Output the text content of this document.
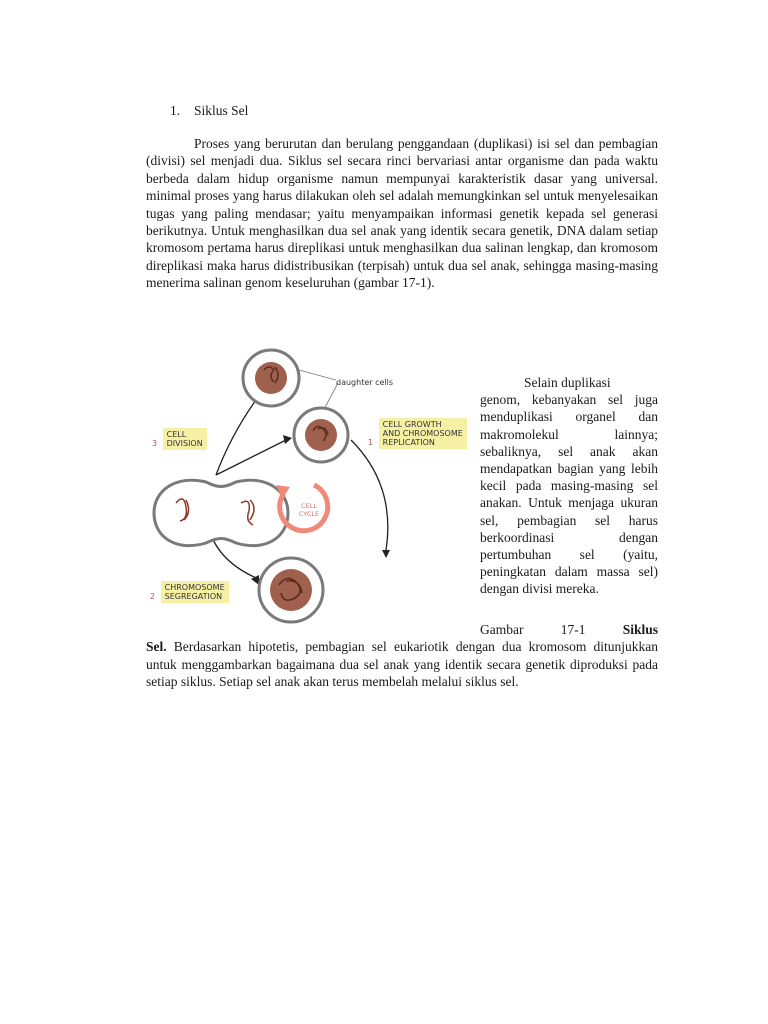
1. Siklus Sel

Proses yang berurutan dan berulang penggandaan (duplikasi) isi sel dan pembagian (divisi) sel menjadi dua. Siklus sel secara rinci bervariasi antar organisme dan pada waktu berbeda dalam hidup organisme namun mempunyai karakteristik dasar yang universal. minimal proses yang harus dilakukan oleh sel adalah memungkinkan sel untuk menyelesaikan tugas yang paling mendasar; yaitu menyampaikan informasi genetik kepada sel generasi berikutnya. Untuk menghasilkan dua sel anak yang identik secara genetik, DNA dalam setiap kromosom pertama harus direplikasi untuk menghasilkan dua salinan lengkap, dan kromosom direplikasi maka harus didistribusikan (terpisah) untuk dua sel anak, sehingga masing-masing menerima salinan genom keseluruhan (gambar 17-1).

CELL
CYCLE

daughter cells

1 CELL GROWTH
AND CHROMOSOME
REPLICATION

3 CELL
DIVISION

2 CHROMOSOME
SEGREGATION

Selain duplikasi
genom, kebanyakan sel juga menduplikasi organel dan makromolekul lainnya; sebaliknya, sel anak akan mendapatkan bagian yang lebih kecil pada masing-masing sel anakan. Untuk menjaga ukuran sel, pembagian sel harus berkoordinasi dengan pertumbuhan sel (yaitu, peningkatan dalam massa sel) dengan divisi mereka.

Gambar 17-1	Siklus
Sel. Berdasarkan hipotetis, pembagian sel eukariotik dengan dua kromosom ditunjukkan untuk menggambarkan bagaimana dua sel anak yang identik secara genetik diproduksi pada setiap siklus. Setiap sel anak akan terus membelah melalui siklus sel.
